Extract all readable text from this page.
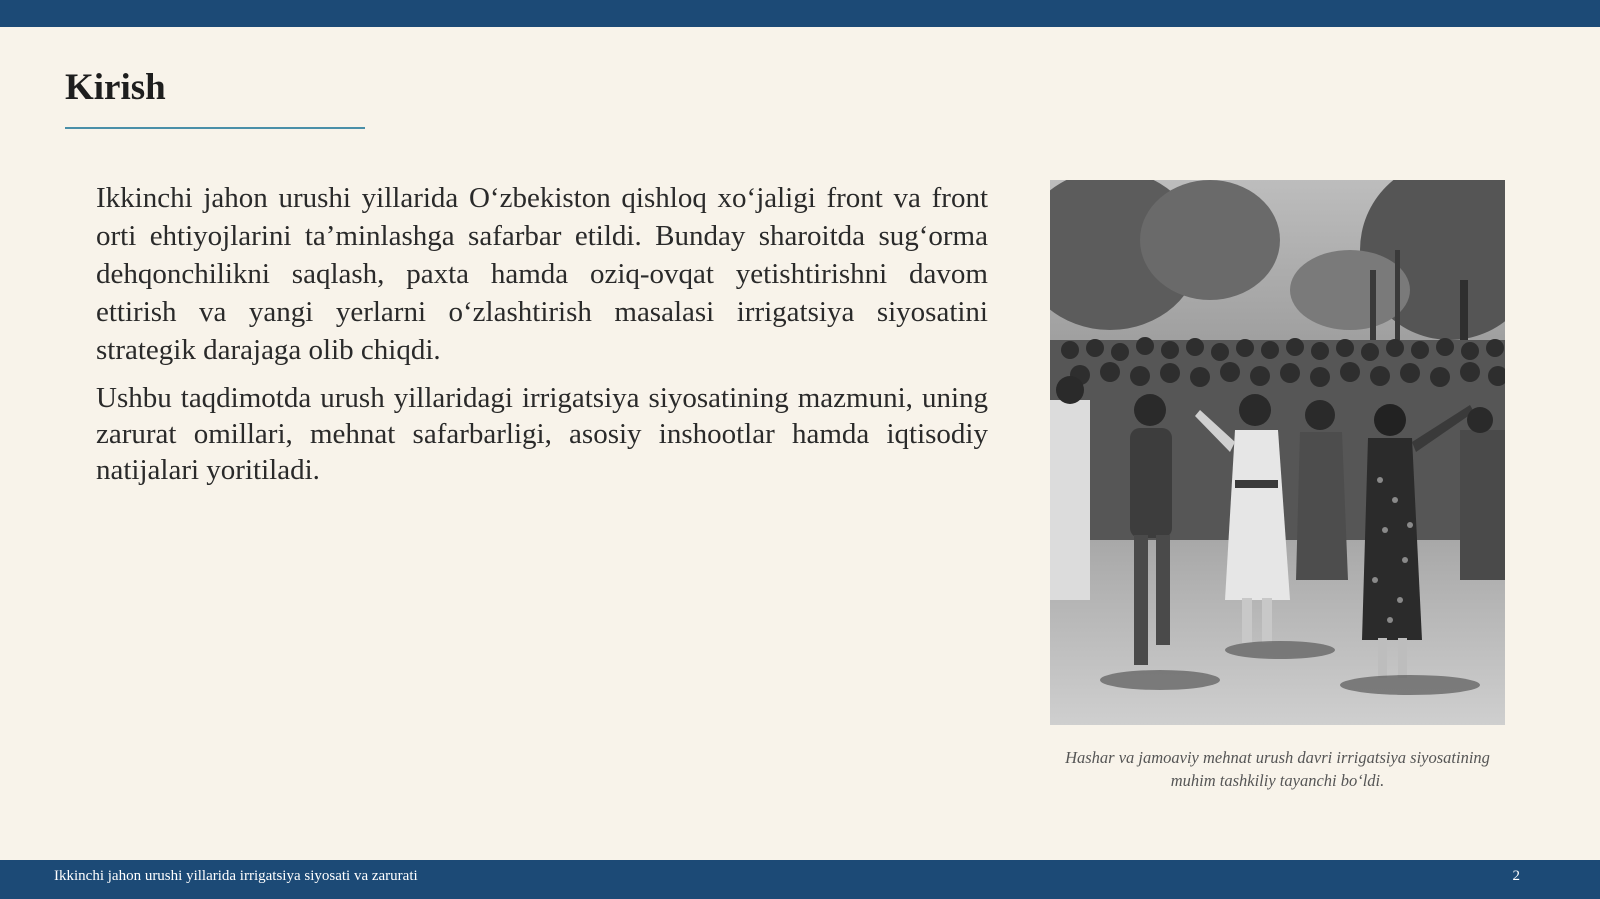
Kirish

Ikkinchi jahon urushi yillarida O‘zbekiston qishloq xo‘jaligi front va front orti ehtiyojlarini ta’minlashga safarbar etildi. Bunday sharoitda sug‘orma dehqonchilikni saqlash, paxta hamda oziq-ovqat yetishtirishni davom ettirish va yangi yerlarni o‘zlashtirish masalasi irrigatsiya siyosatini strategik darajaga olib chiqdi.

Ushbu taqdimotda urush yillaridagi irrigatsiya siyosatining mazmuni, uning zarurat omillari, mehnat safarbarligi, asosiy inshootlar hamda iqtisodiy natijalari yoritiladi.

Hashar va jamoaviy mehnat urush davri irrigatsiya siyosatining muhim tashkiliy tayanchi bo‘ldi.
Ikkinchi jahon urushi yillarida irrigatsiya siyosati va zarurati	2
